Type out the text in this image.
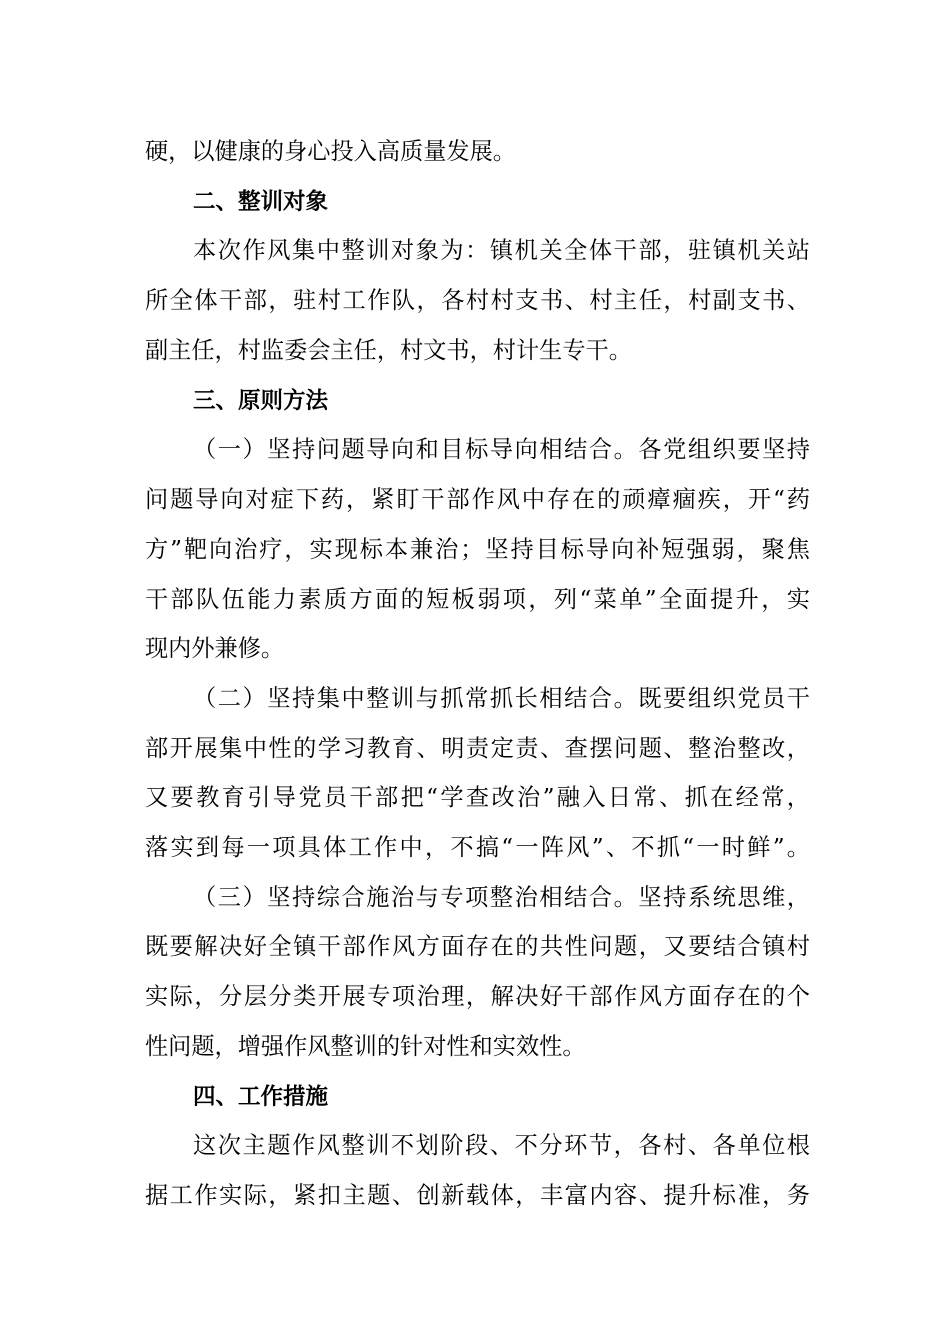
硬，以健康的身心投入高质量发展。
二、整训对象
本次作风集中整训对象为：镇机关全体干部，驻镇机关站
所全体干部，驻村工作队，各村村支书、村主任，村副支书、
副主任，村监委会主任，村文书，村计生专干。
三、原则方法
（一）坚持问题导向和目标导向相结合。各党组织要坚持
问题导向对症下药，紧盯干部作风中存在的顽瘴痼疾，开“药
方”靶向治疗，实现标本兼治；坚持目标导向补短强弱，聚焦
干部队伍能力素质方面的短板弱项，列“菜单”全面提升，实
现内外兼修。
（二）坚持集中整训与抓常抓长相结合。既要组织党员干
部开展集中性的学习教育、明责定责、查摆问题、整治整改，
又要教育引导党员干部把“学查改治”融入日常、抓在经常，
落实到每一项具体工作中，不搞“一阵风”、不抓“一时鲜”。
（三）坚持综合施治与专项整治相结合。坚持系统思维，
既要解决好全镇干部作风方面存在的共性问题，又要结合镇村
实际，分层分类开展专项治理，解决好干部作风方面存在的个
性问题，增强作风整训的针对性和实效性。
四、工作措施
这次主题作风整训不划阶段、不分环节，各村、各单位根
据工作实际，紧扣主题、创新载体，丰富内容、提升标准，务
